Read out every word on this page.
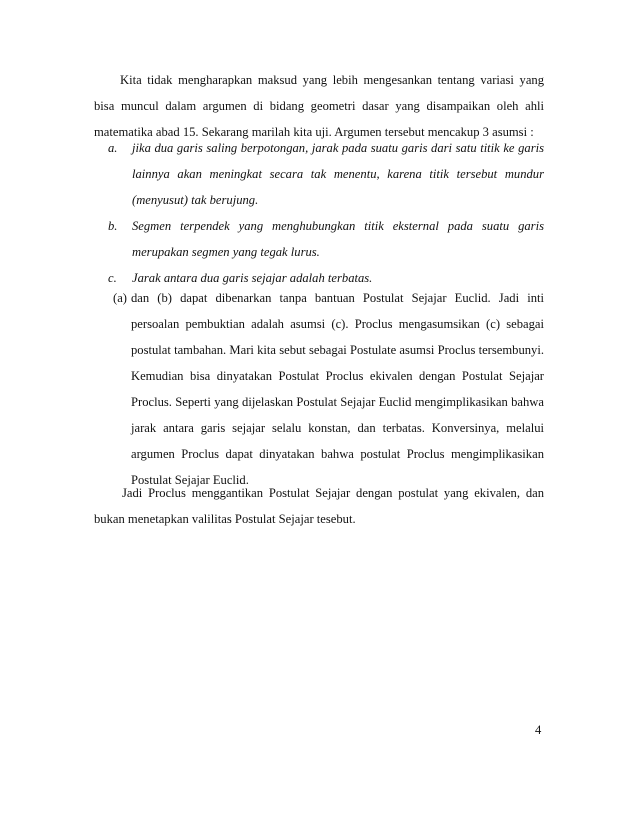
Kita tidak mengharapkan maksud yang lebih mengesankan tentang variasi yang bisa muncul dalam argumen di bidang geometri dasar yang disampaikan oleh ahli matematika abad 15. Sekarang marilah kita uji. Argumen tersebut mencakup 3 asumsi :

a. jika dua garis saling berpotongan, jarak pada suatu garis dari satu titik ke garis lainnya akan meningkat secara tak menentu, karena titik tersebut mundur (menyusut) tak berujung.
b. Segmen terpendek yang menghubungkan titik eksternal pada suatu garis merupakan segmen yang tegak lurus.
c. Jarak antara dua garis sejajar adalah terbatas.
(a) dan (b) dapat dibenarkan tanpa bantuan Postulat Sejajar Euclid. Jadi inti persoalan pembuktian adalah asumsi (c). Proclus mengasumsikan (c) sebagai postulat tambahan. Mari kita sebut sebagai Postulate asumsi Proclus tersembunyi. Kemudian bisa dinyatakan Postulat Proclus ekivalen dengan Postulat Sejajar Proclus. Seperti yang dijelaskan Postulat Sejajar Euclid mengimplikasikan bahwa jarak antara garis sejajar selalu konstan, dan terbatas. Konversinya, melalui argumen Proclus dapat dinyatakan bahwa postulat Proclus mengimplikasikan Postulat Sejajar Euclid.

Jadi Proclus menggantikan Postulat Sejajar dengan postulat yang ekivalen, dan bukan menetapkan valilitas Postulat Sejajar tesebut.

4
